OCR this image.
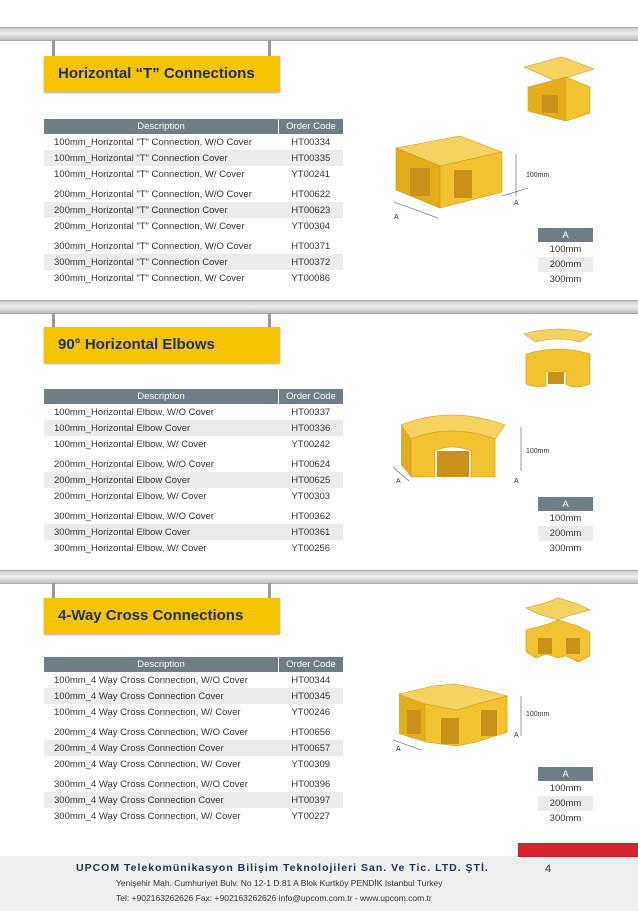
Horizontal “T” Connections
Description	Order Code
100mm_Horizontal "T" Connection, W/O Cover	HT00334
100mm_Horizontal "T" Connection Cover	HT00335
100mm_Horizontal "T" Connection, W/ Cover	YT00241

200mm_Horizontal "T" Connection, W/O Cover	HT00622
200mm_Horizontal "T" Connection Cover	HT00623
200mm_Horizontal "T" Connection, W/ Cover	YT00304

300mm_Horizontal "T" Connection, W/O Cover	HT00371
300mm_Horizontal "T" Connection Cover	HT00372
300mm_Horizontal "T" Connection, W/ Cover	YT00086
100mm
A
A
A
100mm
200mm
300mm
90° Horizontal Elbows
Description	Order Code
100mm_Horizontal Elbow, W/O Cover	HT00337
100mm_Horizontal Elbow Cover	HT00336
100mm_Horizontal Elbow, W/ Cover	YT00242

200mm_Horizontal Elbow, W/O Cover	HT00624
200mm_Horizontal Elbow Cover	HT00625
200mm_Horizontal Elbow, W/ Cover	YT00303

300mm_Horizontal Elbow, W/O Cover	HT00362
300mm_Horizontal Elbow Cover	HT00361
300mm_Horizontal Elbow, W/ Cover	YT00256
100mm
A	A
A
100mm
200mm
300mm
4-Way Cross Connections
Description	Order Code
100mm_4 Way Cross Connection, W/O Cover	HT00344
100mm_4 Way Cross Connection Cover	HT00345
100mm_4 Way Cross Connection, W/ Cover	YT00246

200mm_4 Way Cross Connection, W/O Cover	HT00656
200mm_4 Way Cross Connection Cover	HT00657
200mm_4 Way Cross Connection, W/ Cover	YT00309

300mm_4 Way Cross Connection, W/O Cover	HT00396
300mm_4 Way Cross Connection Cover	HT00397
300mm_4 Way Cross Connection, W/ Cover	YT00227
100mm
A
A
A
100mm
200mm
300mm
UPCOM Telekomünikasyon Bilişim Teknolojileri San. Ve Tic. LTD. ŞTİ.	4
Yenişehir Mah. Cumhuriyet Bulv. No 12-1 D.81 A Blok Kurtköy PENDİK Istanbul Turkey
Tel: +902163262626 Fax: +902163262626 info@upcom.com.tr - www.upcom.com.tr
